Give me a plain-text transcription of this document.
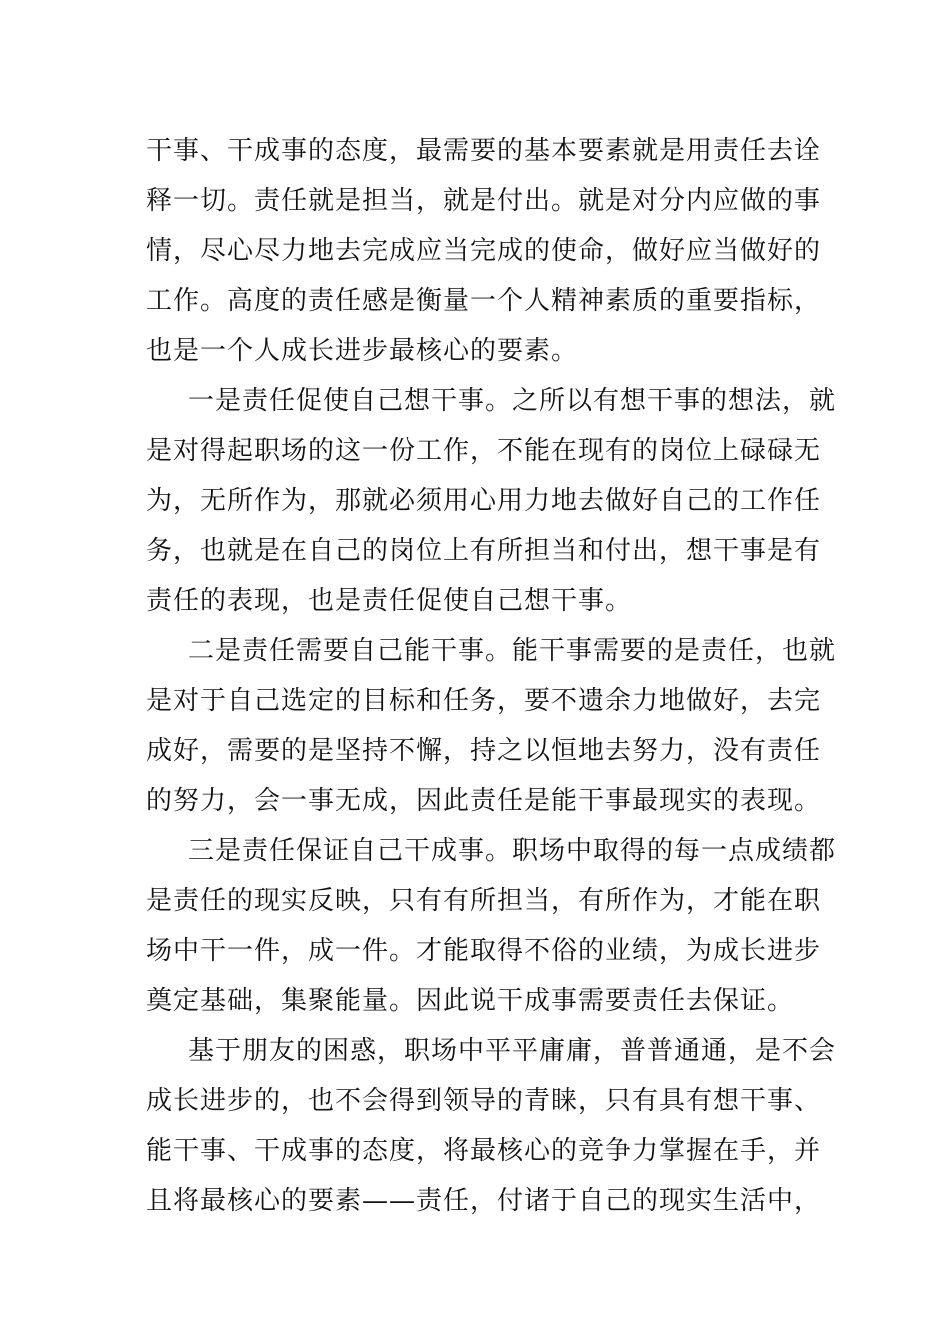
干事、干成事的态度，最需要的基本要素就是用责任去诠
释一切。责任就是担当，就是付出。就是对分内应做的事
情，尽心尽力地去完成应当完成的使命，做好应当做好的
工作。高度的责任感是衡量一个人精神素质的重要指标，
也是一个人成长进步最核心的要素。
一是责任促使自己想干事。之所以有想干事的想法，就
是对得起职场的这一份工作，不能在现有的岗位上碌碌无
为，无所作为，那就必须用心用力地去做好自己的工作任
务，也就是在自己的岗位上有所担当和付出，想干事是有
责任的表现，也是责任促使自己想干事。
二是责任需要自己能干事。能干事需要的是责任，也就
是对于自己选定的目标和任务，要不遗余力地做好，去完
成好，需要的是坚持不懈，持之以恒地去努力，没有责任
的努力，会一事无成，因此责任是能干事最现实的表现。
三是责任保证自己干成事。职场中取得的每一点成绩都
是责任的现实反映，只有有所担当，有所作为，才能在职
场中干一件，成一件。才能取得不俗的业绩，为成长进步
奠定基础，集聚能量。因此说干成事需要责任去保证。
基于朋友的困惑，职场中平平庸庸，普普通通，是不会
成长进步的，也不会得到领导的青睐，只有具有想干事、
能干事、干成事的态度，将最核心的竞争力掌握在手，并
且将最核心的要素——责任，付诸于自己的现实生活中，
